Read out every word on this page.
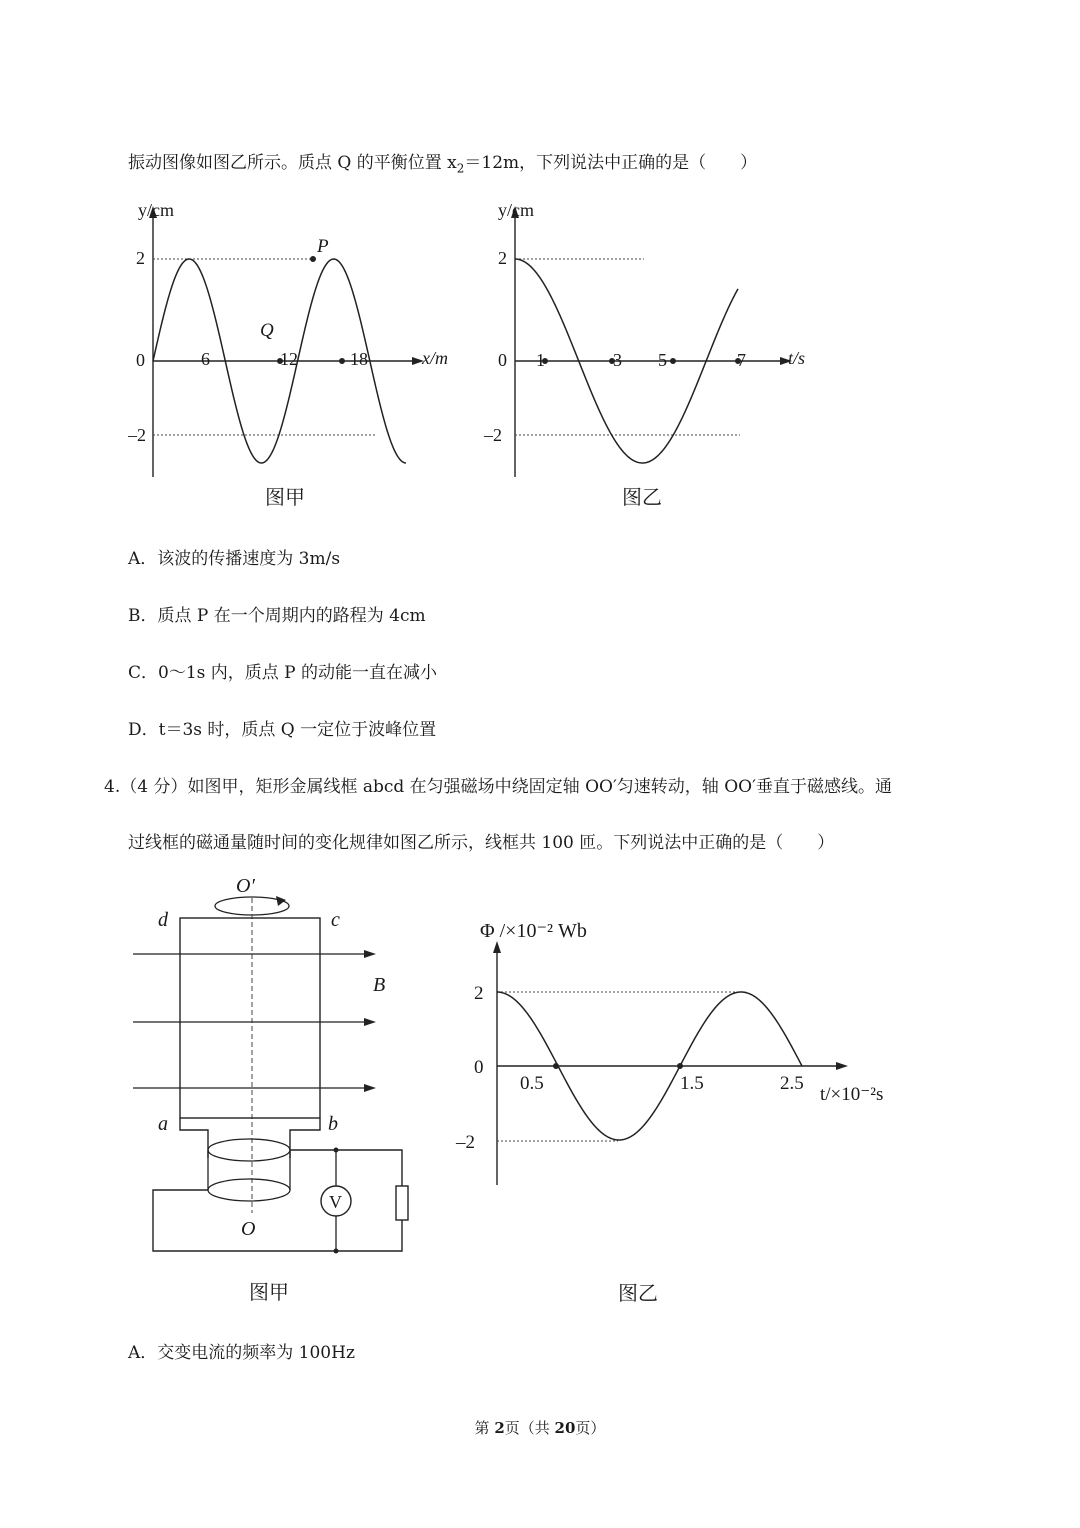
振动图像如图乙所示。质点 Q 的平衡位置 $x_2=12m$，下列说法中正确的是（　　）
y/cm
x/m
2
0
–2
6	12	18
P
Q
图甲
y/cm
t/s
2
0
–2
1	3 5	7
图乙
A．该波的传播速度为 3m/s
B．质点 P 在一个周期内的路程为 4cm
C．0～1s 内，质点 P 的动能一直在减小
D．t＝3s 时，质点 Q 一定位于波峰位置
4.（4 分）如图甲，矩形金属线框 abcd 在匀强磁场中绕固定轴 OO′匀速转动，轴 OO′垂直于磁感线。通
过线框的磁通量随时间的变化规律如图乙所示，线框共 100 匝。下列说法中正确的是（　　）
O′
d	c
a	b
B
V
O
图甲
Φ /×10⁻² Wb
t/×10⁻²s
2
0
–2
0.5	1.5	2.5
图乙
A．交变电流的频率为 100Hz
第 2页（共 20页）
